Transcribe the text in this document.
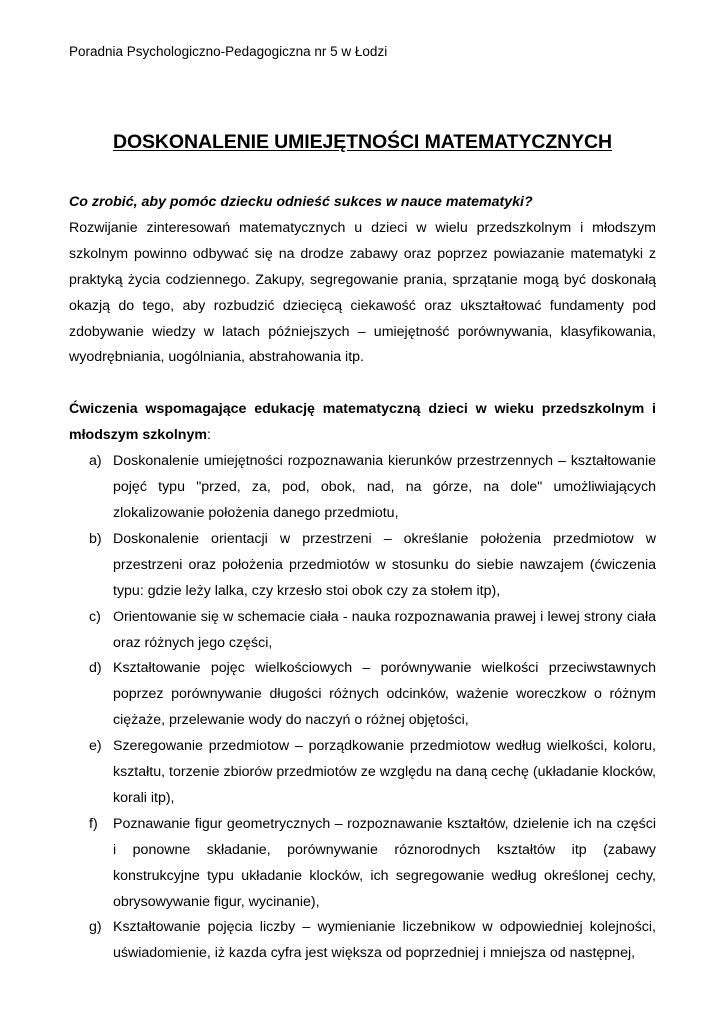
Poradnia Psychologiczno-Pedagogiczna nr 5 w Łodzi
DOSKONALENIE UMIEJĘTNOŚCI MATEMATYCZNYCH

Co zrobić, aby pomóc dziecku odnieść sukces w nauce matematyki?

Rozwijanie zinteresowań matematycznych u dzieci w wielu przedszkolnym i młodszym szkolnym powinno odbywać się na drodze zabawy oraz poprzez powiazanie matematyki z praktyką życia codziennego. Zakupy, segregowanie prania, sprzątanie mogą być doskonałą okazją do tego, aby rozbudzić dziecięcą ciekawość oraz ukształtować fundamenty pod zdobywanie wiedzy w latach późniejszych – umiejętność porównywania, klasyfikowania, wyodrębniania, uogólniania, abstrahowania itp.

Ćwiczenia wspomagające edukację matematyczną dzieci w wieku przedszkolnym i młodszym szkolnym:
a) Doskonalenie umiejętności rozpoznawania kierunków przestrzennych – kształtowanie pojęć typu "przed, za, pod, obok, nad, na górze, na dole" umożliwiających zlokalizowanie położenia danego przedmiotu,
b) Doskonalenie orientacji w przestrzeni – określanie położenia przedmiotow w przestrzeni oraz położenia przedmiotów w stosunku do siebie nawzajem (ćwiczenia typu: gdzie leży lalka, czy krzesło stoi obok czy za stołem itp),
c) Orientowanie się w schemacie ciała - nauka rozpoznawania prawej i lewej strony ciała oraz różnych jego części,
d) Kształtowanie pojęc wielkościowych – porównywanie wielkości przeciwstawnych poprzez porównywanie długości różnych odcinków, ważenie woreczkow o różnym ciężaże, przelewanie wody do naczyń o różnej objętości,
e) Szeregowanie przedmiotow – porządkowanie przedmiotow według wielkości, koloru, kształtu, torzenie zbiorów przedmiotów ze względu na daną cechę (układanie klocków, korali itp),
f) Poznawanie figur geometrycznych – rozpoznawanie kształtów, dzielenie ich na części i ponowne składanie, porównywanie róznorodnych kształtów itp (zabawy konstrukcyjne typu układanie klocków, ich segregowanie według określonej cechy, obrysowywanie figur, wycinanie),
g) Kształtowanie pojęcia liczby – wymienianie liczebnikow w odpowiedniej kolejności, uświadomienie, iż kazda cyfra jest większa od poprzedniej i mniejsza od następnej,
